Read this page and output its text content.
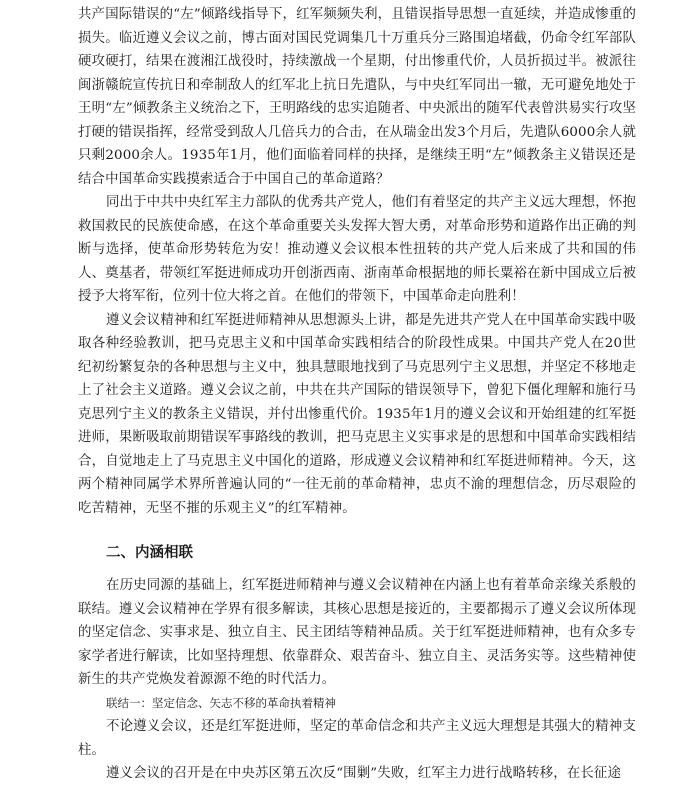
共产国际错误的“左”倾路线指导下，红军频频失利，且错误指导思想一直延续，并造成惨重的损失。临近遵义会议之前，博古面对国民党调集几十万重兵分三路围追堵截，仍命令红军部队硬攻硬打，结果在渡湘江战役时，持续激战一个星期，付出惨重代价，人员折损过半。被派往闽浙赣皖宣传抗日和牵制敌人的红军北上抗日先遣队，与中央红军同出一辙，无可避免地处于王明“左”倾教条主义统治之下，王明路线的忠实追随者、中央派出的随军代表曾洪易实行攻坚打硬的错误指挥，经常受到敌人几倍兵力的合击，在从瑞金出发3个月后，先遣队6000余人就只剩2000余人。1935年1月，他们面临着同样的抉择，是继续王明“左”倾教条主义错误还是结合中国革命实践摸索适合于中国自己的革命道路？

同出于中共中央红军主力部队的优秀共产党人，他们有着坚定的共产主义远大理想，怀抱救国救民的民族使命感，在这个革命重要关头发挥大智大勇，对革命形势和道路作出正确的判断与选择，使革命形势转危为安！推动遵义会议根本性扭转的共产党人后来成了共和国的伟人、奠基者，带领红军挺进师成功开创浙西南、浙南革命根据地的师长粟裕在新中国成立后被授予大将军衔，位列十位大将之首。在他们的带领下，中国革命走向胜利！

遵义会议精神和红军挺进师精神从思想源头上讲，都是先进共产党人在中国革命实践中吸取各种经验教训，把马克思主义和中国革命实践相结合的阶段性成果。中国共产党人在20世纪初纷繁复杂的各种思想与主义中，独具慧眼地找到了马克思列宁主义思想，并坚定不移地走上了社会主义道路。遵义会议之前，中共在共产国际的错误领导下，曾犯下僵化理解和施行马克思列宁主义的教条主义错误，并付出惨重代价。1935年1月的遵义会议和开始组建的红军挺进师，果断吸取前期错误军事路线的教训，把马克思主义实事求是的思想和中国革命实践相结合，自觉地走上了马克思主义中国化的道路，形成遵义会议精神和红军挺进师精神。今天，这两个精神同属学术界所普遍认同的“一往无前的革命精神，忠贞不渝的理想信念，历尽艰险的吃苦精神，无坚不摧的乐观主义”的红军精神。

二、内涵相联

在历史同源的基础上，红军挺进师精神与遵义会议精神在内涵上也有着革命亲缘关系般的联结。遵义会议精神在学界有很多解读，其核心思想是接近的，主要都揭示了遵义会议所体现的坚定信念、实事求是、独立自主、民主团结等精神品质。关于红军挺进师精神，也有众多专家学者进行解读，比如坚持理想、依靠群众、艰苦奋斗、独立自主、灵活务实等。这些精神使新生的共产党焕发着源源不绝的时代活力。

联结一：坚定信念、矢志不移的革命执着精神

不论遵义会议，还是红军挺进师，坚定的革命信念和共产主义远大理想是其强大的精神支柱。

遵义会议的召开是在中央苏区第五次反“围剿”失败，红军主力进行战略转移，在长征途
